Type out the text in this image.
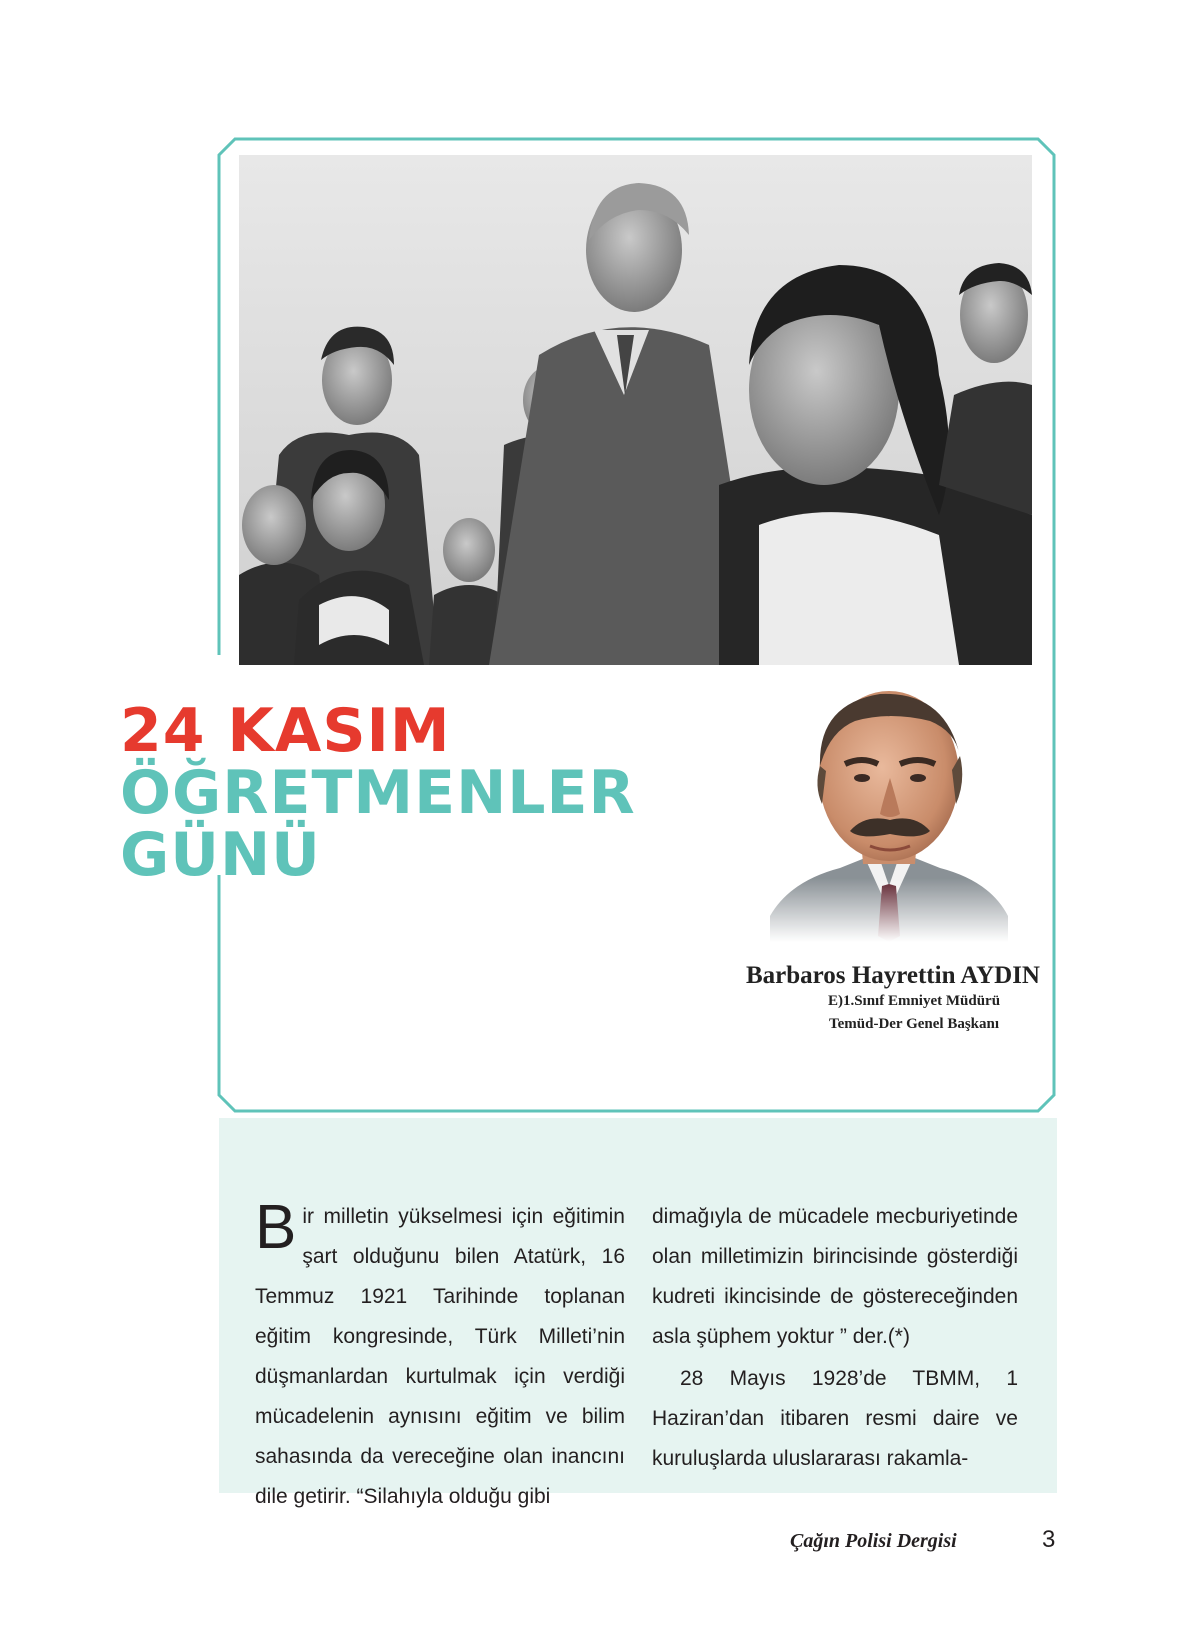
24 KASIM
ÖĞRETMENLER
GÜNÜ
Barbaros Hayrettin AYDIN
E)1.Sınıf Emniyet Müdürü
Temüd-Der Genel Başkanı

Bir milletin yükselmesi için eğitimin şart olduğunu bilen Atatürk, 16 Temmuz 1921 Tarihinde toplanan eğitim kongresinde, Türk Milleti’nin düşmanlardan kurtulmak için verdiği mücadelenin aynısını eğitim ve bilim sahasında da vereceğine olan inancını dile getirir. “Silahıyla olduğu gibi

dimağıyla de mücadele mecburiyetinde olan milletimizin birincisinde gösterdiği kudreti ikincisinde de göstereceğinden asla şüphem yoktur ” der.(*)

28 Mayıs 1928’de TBMM, 1 Haziran’dan itibaren resmi daire ve kuruluşlarda uluslararası rakamla-

Çağın Polisi Dergisi	3
